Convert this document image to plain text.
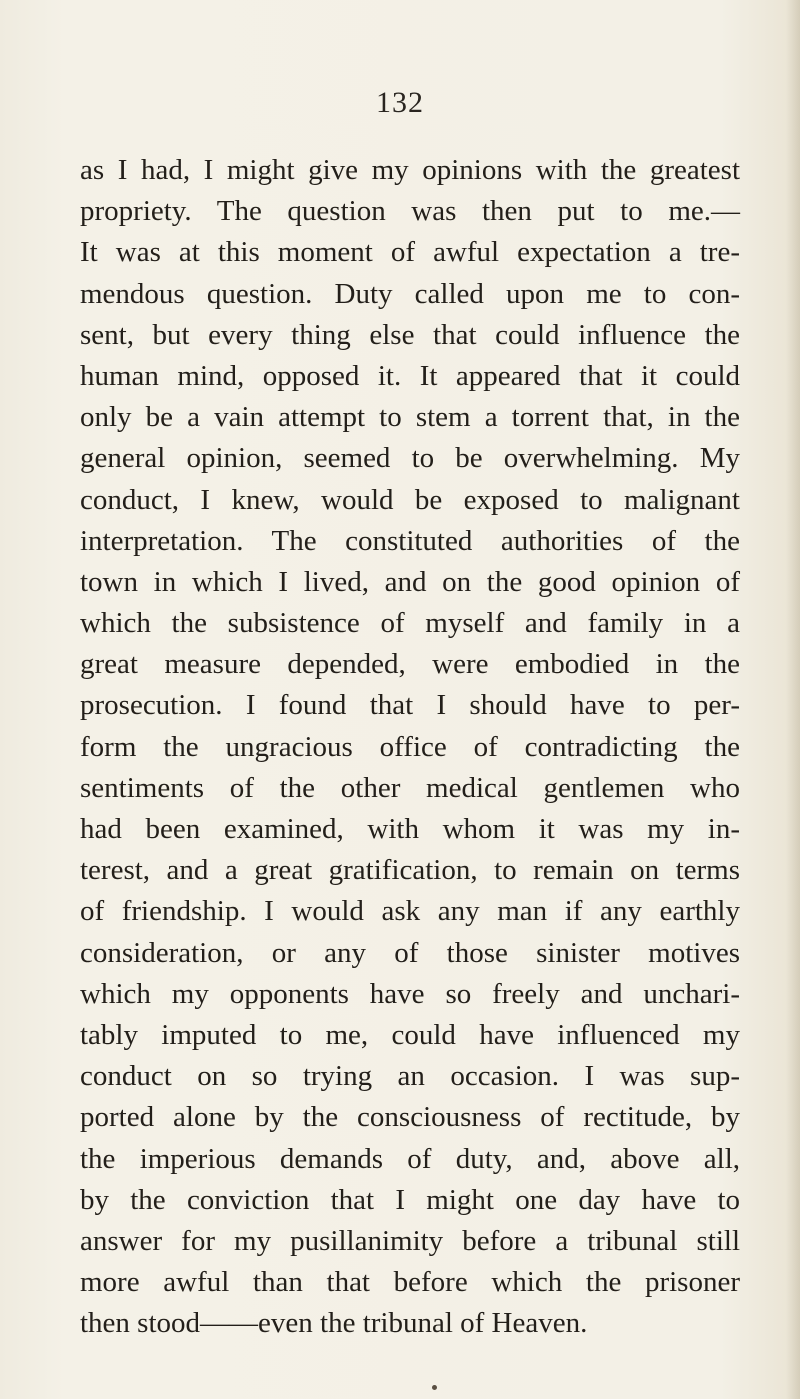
132
as I had, I might give my opinions with the greatest
propriety. The question was then put to me.—
It was at this moment of awful expectation a tre-
mendous question. Duty called upon me to con-
sent, but every thing else that could influence the
human mind, opposed it. It appeared that it could
only be a vain attempt to stem a torrent that, in the
general opinion, seemed to be overwhelming. My
conduct, I knew, would be exposed to malignant
interpretation. The constituted authorities of the
town in which I lived, and on the good opinion of
which the subsistence of myself and family in a
great measure depended, were embodied in the
prosecution. I found that I should have to per-
form the ungracious office of contradicting the
sentiments of the other medical gentlemen who
had been examined, with whom it was my in-
terest, and a great gratification, to remain on terms
of friendship. I would ask any man if any earthly
consideration, or any of those sinister motives
which my opponents have so freely and unchari-
tably imputed to me, could have influenced my
conduct on so trying an occasion. I was sup-
ported alone by the consciousness of rectitude, by
the imperious demands of duty, and, above all,
by the conviction that I might one day have to
answer for my pusillanimity before a tribunal still
more awful than that before which the prisoner
then stood——even the tribunal of Heaven.
